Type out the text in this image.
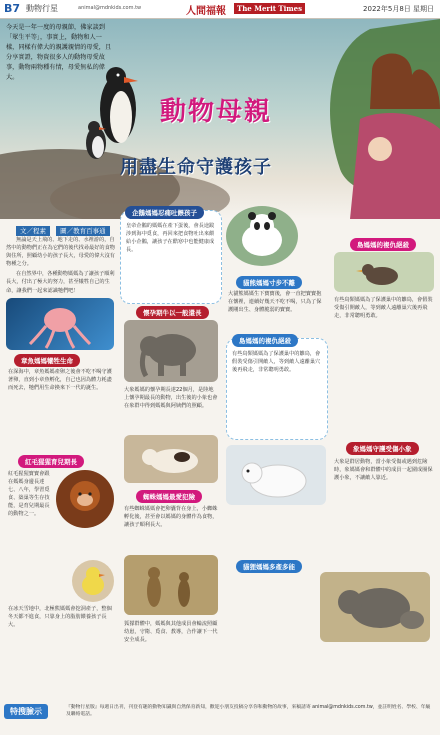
B7 動物行星	animal@mdnkids.com.tw	人間福報	The Merit Times	2022年5月8日 星期日
今天是一年一度的母親節，佛家談到「眾生平等」，事實上，動物和人一樣，同樣有偉大的親護親情的母愛，且分享實證，物資很多人的動物母愛故事，動物兩物種有情，母愛無私的偉大。
動物母親
用盡生命守護孩子
文／程素 圖／教育百事通

無論是天上飛的、地下走的、水裡游的，自然中的動物們正在為它們的後代找尋最好的食物與住所，照顧幼小的孩子長大，母愛的偉大沒有物種之分。

在自然界中，各種動物媽媽為了讓孩子順利長大，付出了極大的努力，甚至犧牲自己的生命，讓我們一起來認識牠們吧！

章魚媽媽犧牲生命
在深海中，章魚媽媽產卵之後會不吃不喝守護著卵，直到小章魚孵化，自己也因為體力耗盡而死去，牠們用生命換來下一代的誕生。
紅毛猩猩育兒期長
紅毛猩猩寶寶會跟在媽媽身邊長達七、八年，學習覓食、築巢等生存技能，是育兒期最長的動物之一。
在冰天雪地中，北極熊媽媽會挖洞產子，整個冬天都不進食，只靠身上的脂肪餵養孩子長大。
企鵝媽媽忍痛吐餵孩子
皇帝企鵝的媽媽在產下蛋後，會長途跋涉到海中覓食，再回來把食物吐出來餵給小企鵝，讓孩子在酷寒中也能健康成長。
懷孕期牛以一般還長
大象媽媽的懷孕期長達22個月，是陸地上懷孕期最長的動物，出生後的小象也會在象群中得到媽媽與阿姨們的照顧。
蜘蛛媽媽最愛犯險
有些蜘蛛媽媽會把卵囊背在身上，小蜘蛛孵化後，甚至會以媽媽的身體作為食物，讓孩子順利長大。
狐獴群體中，媽媽與其他成員會輪流照顧幼崽，守衛、覓食、教導，合作讓下一代安全成長。
貓熊媽媽寸步不離
大貓熊媽媽生下寶寶後，會一直把寶寶抱在懷裡，連續好幾天不吃不喝，只為了保護剛出生、身體脆弱的寶寶。
島媽媽的複仇絕殺
有些鳥類媽媽為了保護巢中的雛鳥，會假裝受傷引開敵人，等到敵人遠離巢穴後再飛走，非常聰明勇敢。
貓狸媽媽多產多能
島媽媽的複仇絕殺
有些鳥類媽媽為了保護巢中的雛鳥，會假裝受傷引開敵人，等到敵人遠離巢穴後再飛走，非常聰明勇敢。
象媽媽守護受傷小象
大象是群居動物，當小象受傷或遇到危險時，象媽媽會和群體中的成員一起圍成圈保護小象，不讓敵人靠近。
特搜臉示	『動物行星版』每週日出刊，刊登有趣的動物知識與自然保育新知，歡迎小朋友投稿分享你和動物的故事，來稿請寄 animal@mdnkids.com.tw，並註明姓名、學校、年級及聯絡電話。
